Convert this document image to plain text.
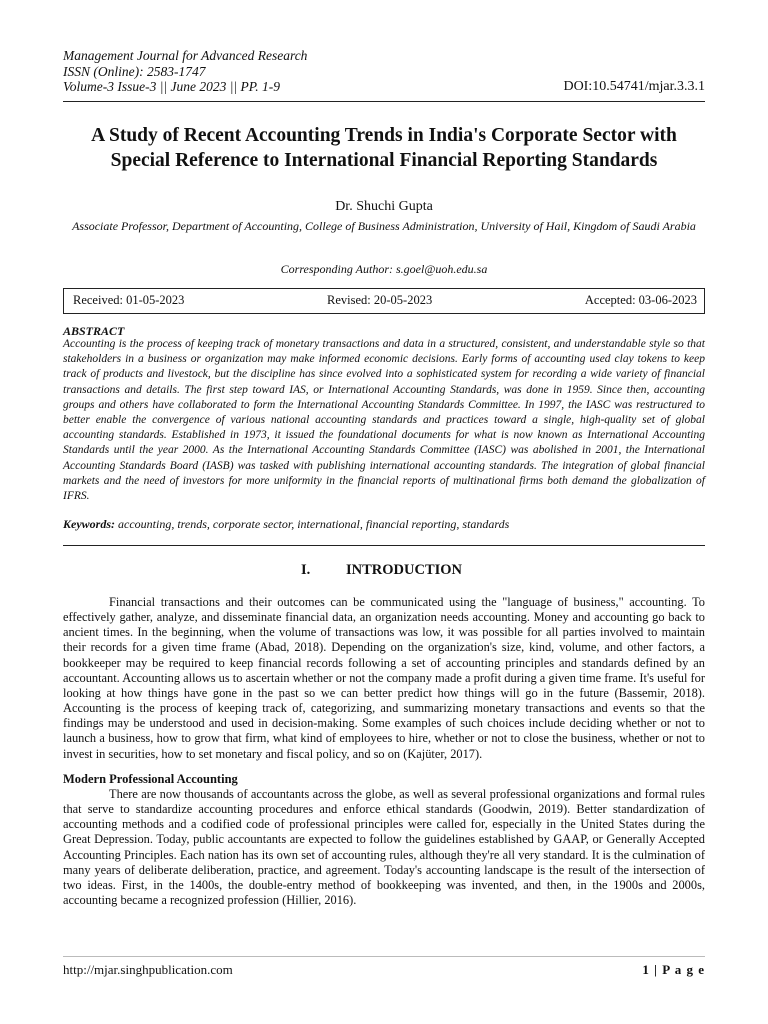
Management Journal for Advanced Research
ISSN (Online): 2583-1747
Volume-3 Issue-3 || June 2023 || PP. 1-9	DOI:10.54741/mjar.3.3.1
A Study of Recent Accounting Trends in India's Corporate Sector with Special Reference to International Financial Reporting Standards
Dr. Shuchi Gupta
Associate Professor, Department of Accounting, College of Business Administration, University of Hail, Kingdom of Saudi Arabia
Corresponding Author: s.goel@uoh.edu.sa
Received: 01-05-2023	Revised: 20-05-2023	Accepted: 03-06-2023
ABSTRACT
Accounting is the process of keeping track of monetary transactions and data in a structured, consistent, and understandable style so that stakeholders in a business or organization may make informed economic decisions. Early forms of accounting used clay tokens to keep track of products and livestock, but the discipline has since evolved into a sophisticated system for recording a wide variety of financial transactions and details. The first step toward IAS, or International Accounting Standards, was done in 1959. Since then, accounting groups and others have collaborated to form the International Accounting Standards Committee. In 1997, the IASC was restructured to better enable the convergence of various national accounting standards and practices toward a single, high-quality set of global accounting standards. Established in 1973, it issued the foundational documents for what is now known as International Accounting Standards until the year 2000. As the International Accounting Standards Committee (IASC) was abolished in 2001, the International Accounting Standards Board (IASB) was tasked with publishing international accounting standards. The integration of global financial markets and the need of investors for more uniformity in the financial reports of multinational firms both demand the globalization of IFRS.
Keywords: accounting, trends, corporate sector, international, financial reporting, standards
I. INTRODUCTION
Financial transactions and their outcomes can be communicated using the "language of business," accounting. To effectively gather, analyze, and disseminate financial data, an organization needs accounting. Money and accounting go back to ancient times. In the beginning, when the volume of transactions was low, it was possible for all parties involved to maintain their records for a given time frame (Abad, 2018). Depending on the organization's size, kind, volume, and other factors, a bookkeeper may be required to keep financial records following a set of accounting principles and standards defined by an accountant. Accounting allows us to ascertain whether or not the company made a profit during a given time frame. It's useful for looking at how things have gone in the past so we can better predict how things will go in the future (Bassemir, 2018). Accounting is the process of keeping track of, categorizing, and summarizing monetary transactions and events so that the findings may be understood and used in decision-making. Some examples of such choices include deciding whether or not to launch a business, how to grow that firm, what kind of employees to hire, whether or not to close the business, whether or not to invest in securities, how to set monetary and fiscal policy, and so on (Kajüter, 2017).
Modern Professional Accounting
There are now thousands of accountants across the globe, as well as several professional organizations and formal rules that serve to standardize accounting procedures and enforce ethical standards (Goodwin, 2019). Better standardization of accounting methods and a codified code of professional principles were called for, especially in the United States during the Great Depression. Today, public accountants are expected to follow the guidelines established by GAAP, or Generally Accepted Accounting Principles. Each nation has its own set of accounting rules, although they're all very standard. It is the culmination of many years of deliberate deliberation, practice, and agreement. Today's accounting landscape is the result of the intersection of two ideas. First, in the 1400s, the double-entry method of bookkeeping was invented, and then, in the 1900s and 2000s, accounting became a recognized profession (Hillier, 2016).
http://mjar.singhpublication.com	1 | P a g e
